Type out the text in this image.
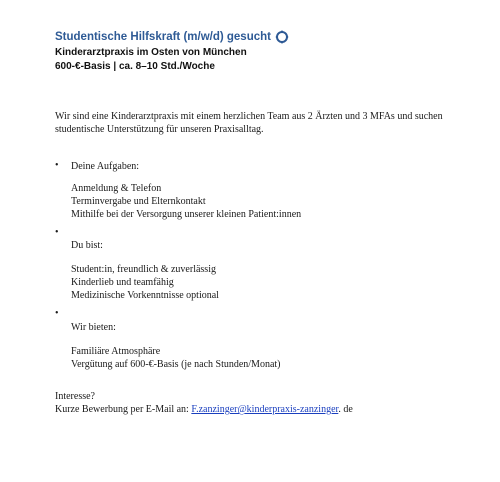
Studentische Hilfskraft (m/w/d) gesucht
Kinderarztpraxis im Osten von München
600-€-Basis | ca. 8–10 Std./Woche
Wir sind eine Kinderarztpraxis mit einem herzlichen Team aus 2 Ärzten und 3 MFAs und suchen studentische Unterstützung für unseren Praxisalltag.
• Deine Aufgaben:
Anmeldung & Telefon
Terminvergabe und Elternkontakt
Mithilfe bei der Versorgung unserer kleinen Patient:innen
•
Du bist:
Student:in, freundlich & zuverlässig
Kinderlieb und teamfähig
Medizinische Vorkenntnisse optional
•
Wir bieten:
Familiäre Atmosphäre
Vergütung auf 600-€-Basis (je nach Stunden/Monat)
Interesse?
Kurze Bewerbung per E-Mail an: F.zanzinger@kinderpraxis-zanzinger. de
